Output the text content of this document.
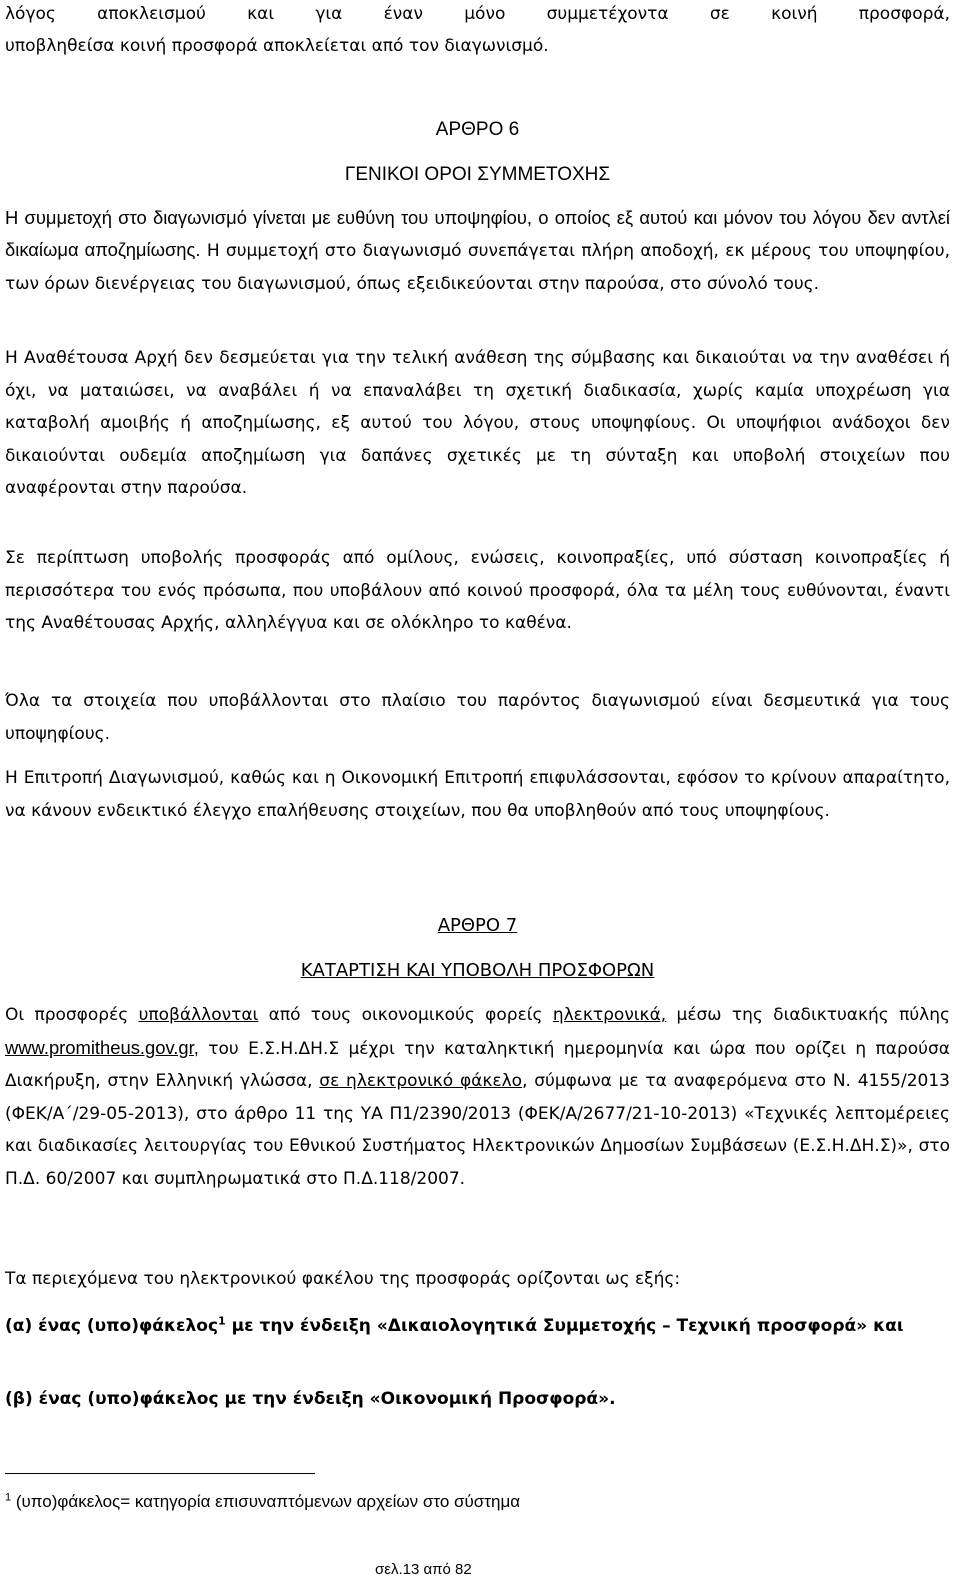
λόγος αποκλεισμού και για έναν μόνο συμμετέχοντα σε κοινή προσφορά,
υποβληθείσα κοινή προσφορά αποκλείεται από τον διαγωνισμό.
ΑΡΘΡΟ 6
ΓΕΝΙΚΟΙ ΟΡΟΙ ΣΥΜΜΕΤΟΧΗΣ

Η συμμετοχή στο διαγωνισμό γίνεται με ευθύνη του υποψηφίου, ο οποίος εξ αυτού και μόνον του λόγου δεν αντλεί δικαίωμα αποζημίωσης. Η συμμετοχή στο διαγωνισμό συνεπάγεται πλήρη αποδοχή, εκ μέρους του υποψηφίου, των όρων διενέργειας του διαγωνισμού, όπως εξειδικεύονται στην παρούσα, στο σύνολό τους.

Η Αναθέτουσα Αρχή δεν δεσμεύεται για την τελική ανάθεση της σύμβασης και δικαιούται να την αναθέσει ή όχι, να ματαιώσει, να αναβάλει ή να επαναλάβει τη σχετική διαδικασία, χωρίς καμία υποχρέωση για καταβολή αμοιβής ή αποζημίωσης, εξ αυτού του λόγου, στους υποψηφίους. Οι υποψήφιοι ανάδοχοι δεν δικαιούνται ουδεμία αποζημίωση για δαπάνες σχετικές με τη σύνταξη και υποβολή στοιχείων που αναφέρονται στην παρούσα.

Σε περίπτωση υποβολής προσφοράς από ομίλους, ενώσεις, κοινοπραξίες, υπό σύσταση κοινοπραξίες ή περισσότερα του ενός πρόσωπα, που υποβάλουν από κοινού προσφορά, όλα τα μέλη τους ευθύνονται, έναντι της Αναθέτουσας Αρχής, αλληλέγγυα και σε ολόκληρο το καθένα.

Όλα τα στοιχεία που υποβάλλονται στο πλαίσιο του παρόντος διαγωνισμού είναι δεσμευτικά για τους υποψηφίους.

Η Επιτροπή Διαγωνισμού, καθώς και η Οικονομική Επιτροπή επιφυλάσσονται, εφόσον το κρίνουν απαραίτητο, να κάνουν ενδεικτικό έλεγχο επαλήθευσης στοιχείων, που θα υποβληθούν από τους υποψηφίους.

ΑΡΘΡΟ 7
ΚΑΤΑΡΤΙΣΗ ΚΑΙ ΥΠΟΒΟΛΗ ΠΡΟΣΦΟΡΩΝ

Οι προσφορές υποβάλλονται από τους οικονομικούς φορείς ηλεκτρονικά, μέσω της διαδικτυακής πύλης www.promitheus.gov.gr, του Ε.Σ.Η.ΔΗ.Σ μέχρι την καταληκτική ημερομηνία και ώρα που ορίζει η παρούσα Διακήρυξη, στην Ελληνική γλώσσα, σε ηλεκτρονικό φάκελο, σύμφωνα με τα αναφερόμενα στο Ν. 4155/2013 (ΦΕΚ/Α΄/29-05-2013), στο άρθρο 11 της ΥΑ Π1/2390/2013 (ΦΕΚ/Α/2677/21-10-2013) «Τεχνικές λεπτομέρειες και διαδικασίες λειτουργίας του Εθνικού Συστήματος Ηλεκτρονικών Δημοσίων Συμβάσεων (Ε.Σ.Η.ΔΗ.Σ)», στο Π.Δ. 60/2007 και συμπληρωματικά στο Π.Δ.118/2007.

Τα περιεχόμενα του ηλεκτρονικού φακέλου της προσφοράς ορίζονται ως εξής:

(α) ένας (υπο)φάκελος$^1$ με την ένδειξη «Δικαιολογητικά Συμμετοχής – Τεχνική προσφορά» και

(β) ένας (υπο)φάκελος με την ένδειξη «Οικονομική Προσφορά».

$^1$ (υπο)φάκελος= κατηγορία επισυναπτόμενων αρχείων στο σύστημα
σελ.13 από 82
